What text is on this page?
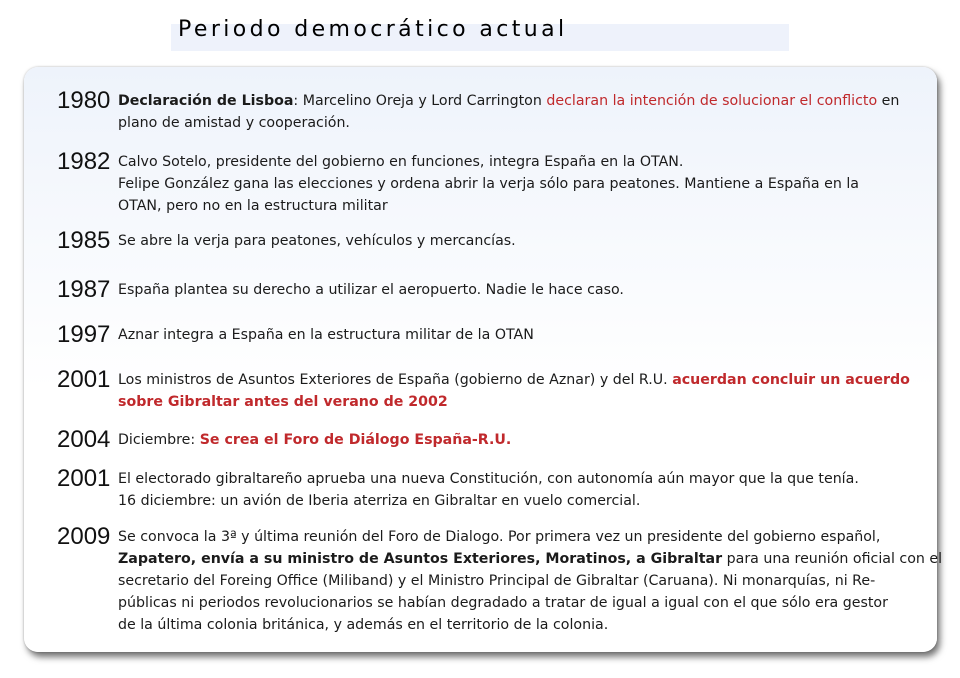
Periodo democrático actual
1980 Declaración de Lisboa: Marcelino Oreja y Lord Carrington declaran la intención de solucionar el conflicto en
plano de amistad y cooperación.
1982 Calvo Sotelo, presidente del gobierno en funciones, integra España en la OTAN.
Felipe González gana las elecciones y ordena abrir la verja sólo para peatones. Mantiene a España en la
OTAN, pero no en la estructura militar
1985 Se abre la verja para peatones, vehículos y mercancías.
1987 España plantea su derecho a utilizar el aeropuerto. Nadie le hace caso.
1997 Aznar integra a España en la estructura militar de la OTAN
2001 Los ministros de Asuntos Exteriores de España (gobierno de Aznar) y del R.U. acuerdan concluir un acuerdo
sobre Gibraltar antes del verano de 2002
2004 Diciembre: Se crea el Foro de Diálogo España-R.U.
2001 El electorado gibraltareño aprueba una nueva Constitución, con autonomía aún mayor que la que tenía.
16 diciembre: un avión de Iberia aterriza en Gibraltar en vuelo comercial.
2009 Se convoca la 3ª y última reunión del Foro de Dialogo. Por primera vez un presidente del gobierno español,
Zapatero, envía a su ministro de Asuntos Exteriores, Moratinos, a Gibraltar para una reunión oficial con el
secretario del Foreing Office (Miliband) y el Ministro Principal de Gibraltar (Caruana). Ni monarquías, ni Re-
públicas ni periodos revolucionarios se habían degradado a tratar de igual a igual con el que sólo era gestor
de la última colonia británica, y además en el territorio de la colonia.
